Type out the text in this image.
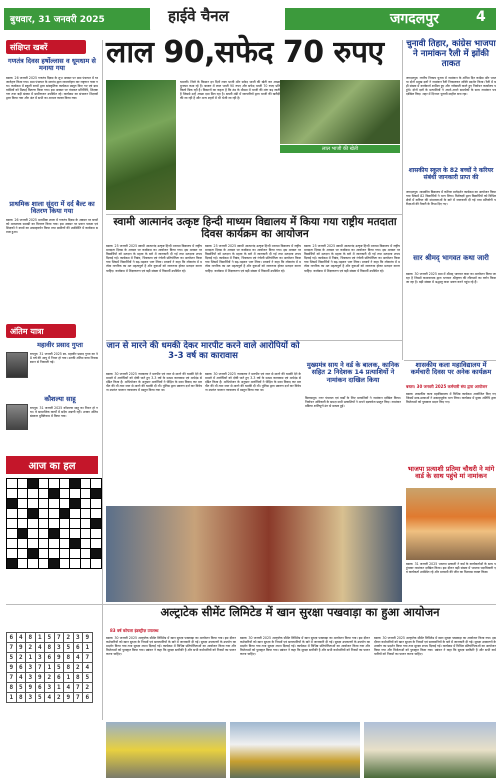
बुधवार, 31 जनवरी 2025	हाईवे चैनल	जगदलपुर	4
संक्षिप्त खबरें
गणतंत्र दिवस हर्षोल्लास व धूमधाम से मनाया गया
बस्तर। 26 जनवरी 2025 गणतंत्र दिवस के शुभ अवसर पर ग्राम पंचायत में ध्वजारोहण किया गया। ग्राम पंचायत के सरपंच द्वारा ध्वजारोहण कर राष्ट्रगान गाया गया। कार्यक्रम में स्कूली बच्चों द्वारा सांस्कृतिक कार्यक्रम प्रस्तुत किए गए एवं ग्रामवासियों को मिठाई वितरण किया गया। इस अवसर पर पंचायत प्रतिनिधि, शिक्षकगण तथा बड़ी संख्या में ग्रामीणजन उपस्थित रहे। कार्यक्रम का संचालन शिक्षकों द्वारा किया गया और अंत में सभी का आभार व्यक्त किया गया।
प्राथमिक शाला सुंदरा में दर्द बैल्ट का वितरण किया गया
बस्तर। 26 जनवरी 2025 प्राथमिक शाला में गणतंत्र दिवस के अवसर पर बच्चों को आवश्यक सामग्री का वितरण किया गया। इस अवसर पर प्रधान पाठक एवं शिक्षकों ने बच्चों का उत्साहवर्धन किया तथा ग्रामीणों की उपस्थिति में कार्यक्रम सम्पन्न हुआ।
अंतिम यात्रा
महावीर प्रसाद गुप्ता
रायपुर। 31 जनवरी 2025 स्व. महावीर प्रसाद गुप्ता का 98 वर्ष की आयु में निधन हो गया। उनकी अंतिम यात्रा निवास स्थान से निकाली गई।
कौशल्या साहू
रायपुर। 31 जनवरी 2025 कौशल्या साहू का निधन हो गया। वे सामाजिक कार्यों में सदैव अग्रणी रहीं। उनका अंतिम संस्कार मुक्तिधाम में किया गया।
आज का हल

6	4	8	1	5	7	2	3	9
7	9	2	4	8	3	5	6	1
5	2	1	3	6	9	8	4	7
9	6	3	7	1	5	8	2	4
7	4	3	9	2	6	1	8	5
8	5	9	6	3	1	4	7	2
1	8	3	5	4	2	9	7	6
लाल 90,सफेद 70 रुपए
धमतरी। जिले के किसान इन दिनों लाल भाजी और सफेद भाजी की खेती कर अच्छा मुनाफा कमा रहे हैं। बाजार में लाल भाजी 90 रुपए और सफेद भाजी 70 रुपए प्रति किलो बिक रही है। किसानों का कहना है कि ठंड के मौसम में भाजी की मांग बढ़ जाती है जिससे उन्हें अच्छा दाम मिल रहा है। सब्जी मंडी में व्यापारियों द्वारा भाजी की खरीदी की जा रही है और अन्य शहरों में भी भेजी जा रही है।
लाल भाजी की खेती
चुनावी तिहार, कांग्रेस भाजपा ने नामांकन रैली में झोंकी ताकत
जगदलपुर। नगरीय निकाय चुनाव में नामांकन के अंतिम दिन कांग्रेस और भाजपा दोनों प्रमुख दलों ने नामांकन रैली निकालकर शक्ति प्रदर्शन किया। रैली में बड़ी संख्या में कार्यकर्ता शामिल हुए और नारेबाजी करते हुए निर्वाचन कार्यालय पहुंचे। दोनों दलों के प्रत्याशियों ने अपने-अपने समर्थकों के साथ नामांकन पत्र दाखिल किए। शहर में दिनभर चुनावी माहौल बना रहा।
शासकीय स्कूल के 82 बच्चों ने करियर संबंधी जानकारी प्राप्त की
जगदलपुर। शासकीय विद्यालय में करियर मार्गदर्शन कार्यक्रम का आयोजन किया गया जिसमें 82 विद्यार्थियों ने भाग लिया। विशेषज्ञों द्वारा विद्यार्थियों को विभिन्न क्षेत्रों में करियर की संभावनाओं के बारे में जानकारी दी गई तथा प्रतियोगी परीक्षाओं की तैयारी के टिप्स दिए गए।
स्वामी आत्मानंद उत्कृष्ट हिन्दी माध्यम विद्यालय में किया गया राष्ट्रीय मतदाता दिवस कार्यक्रम का आयोजन
बस्तर। 25 जनवरी 2025 स्वामी आत्मानंद उत्कृष्ट हिन्दी माध्यम विद्यालय में राष्ट्रीय मतदाता दिवस के अवसर पर कार्यक्रम का आयोजन किया गया। इस अवसर पर विद्यार्थियों को मतदान के महत्व के बारे में जानकारी दी गई तथा मतदाता शपथ दिलाई गई। कार्यक्रम में निबंध, चित्रकला एवं रंगोली प्रतियोगिता का आयोजन किया गया जिसमें विद्यार्थियों ने बढ़-चढ़कर भाग लिया। प्राचार्य ने कहा कि लोकतंत्र में प्रत्येक नागरिक का मत महत्वपूर्ण है और युवाओं को जागरूक होकर मतदान करना चाहिए। कार्यक्रम में शिक्षकगण एवं बड़ी संख्या में विद्यार्थी उपस्थित रहे।
बस्तर। 25 जनवरी 2025 स्वामी आत्मानंद उत्कृष्ट हिन्दी माध्यम विद्यालय में राष्ट्रीय मतदाता दिवस के अवसर पर कार्यक्रम का आयोजन किया गया। इस अवसर पर विद्यार्थियों को मतदान के महत्व के बारे में जानकारी दी गई तथा मतदाता शपथ दिलाई गई। कार्यक्रम में निबंध, चित्रकला एवं रंगोली प्रतियोगिता का आयोजन किया गया जिसमें विद्यार्थियों ने बढ़-चढ़कर भाग लिया। प्राचार्य ने कहा कि लोकतंत्र में प्रत्येक नागरिक का मत महत्वपूर्ण है और युवाओं को जागरूक होकर मतदान करना चाहिए। कार्यक्रम में शिक्षकगण एवं बड़ी संख्या में विद्यार्थी उपस्थित रहे।
बस्तर। 25 जनवरी 2025 स्वामी आत्मानंद उत्कृष्ट हिन्दी माध्यम विद्यालय में राष्ट्रीय मतदाता दिवस के अवसर पर कार्यक्रम का आयोजन किया गया। इस अवसर पर विद्यार्थियों को मतदान के महत्व के बारे में जानकारी दी गई तथा मतदाता शपथ दिलाई गई। कार्यक्रम में निबंध, चित्रकला एवं रंगोली प्रतियोगिता का आयोजन किया गया जिसमें विद्यार्थियों ने बढ़-चढ़कर भाग लिया। प्राचार्य ने कहा कि लोकतंत्र में प्रत्येक नागरिक का मत महत्वपूर्ण है और युवाओं को जागरूक होकर मतदान करना चाहिए। कार्यक्रम में शिक्षकगण एवं बड़ी संख्या में विद्यार्थी उपस्थित रहे।
जान से मारने की धमकी देकर मारपीट करने वाले आरोपियों को 3-3 वर्ष का कारावास
बस्तर। 30 जनवरी 2025 न्यायालय ने मारपीट एवं जान से मारने की धमकी देने के मामले में आरोपियों को दोषी पाते हुए 3-3 वर्ष के सश्रम कारावास एवं अर्थदंड से दंडित किया है। अभियोजन के अनुसार आरोपियों ने पीड़ित के साथ विवाद कर मारपीट की थी तथा जान से मारने की धमकी दी थी। पुलिस द्वारा प्रकरण दर्ज कर विवेचना उपरांत चालान न्यायालय में प्रस्तुत किया गया था।
बस्तर। 30 जनवरी 2025 न्यायालय ने मारपीट एवं जान से मारने की धमकी देने के मामले में आरोपियों को दोषी पाते हुए 3-3 वर्ष के सश्रम कारावास एवं अर्थदंड से दंडित किया है। अभियोजन के अनुसार आरोपियों ने पीड़ित के साथ विवाद कर मारपीट की थी तथा जान से मारने की धमकी दी थी। पुलिस द्वारा प्रकरण दर्ज कर विवेचना उपरांत चालान न्यायालय में प्रस्तुत किया गया था।
मुख्यमंत्र साय ने वर्ड के बालक, कानिक सहित 2 निदेशक 14 प्रत्याशियों ने नामांकन दाखिल किया
बिलासपुर। नगर पंचायत एवं वार्डों के लिए प्रत्याशियों ने नामांकन दाखिल किया। निर्वाचन अधिकारी के समक्ष सभी प्रत्याशियों ने अपने दस्तावेज प्रस्तुत किए। नामांकन प्रक्रिया शांतिपूर्ण ढंग से सम्पन्न हुई।
सार श्रीमद् भागवत कथा जारी
बस्तर। 30 जनवरी 2025 ग्राम में श्रीमद् भागवत कथा का आयोजन किया जा रहा है जिसमें कथावाचक द्वारा भगवान श्रीकृष्ण की लीलाओं का वर्णन किया जा रहा है। बड़ी संख्या में श्रद्धालु कथा श्रवण करने पहुंच रहे हैं।
शासकीय कला महाविद्यालय में कर्मचारी दिवस पर अनेक कार्यक्रम
बस्तर। 30 जनवरी 2025 कर्मचारी संघ द्वारा आयोजन
बस्तर। शासकीय कला महाविद्यालय में विभिन्न कार्यक्रम आयोजित किए गए जिसमें छात्र-छात्राओं ने उत्साहपूर्वक भाग लिया। कार्यक्रम में मुख्य अतिथि द्वारा विजेताओं को पुरस्कार प्रदान किए गए।
भाजपा प्रत्याशी प्रतिमा चौधरी ने मांगे वार्ड के साथ पहुंचे मां नामांकन
बस्तर। 31 जनवरी 2025 भाजपा प्रत्याशी ने वार्ड के कार्यकर्ताओं के साथ पहुंचकर नामांकन दाखिल किया। इस दौरान बड़ी संख्या में भाजपा पदाधिकारी एवं कार्यकर्ता उपस्थित रहे और प्रत्याशी की जीत का विश्वास व्यक्त किया।
अल्ट्राटेक सीमेंट लिमिटेड में खान सुरक्षा पखवाड़ा का हुआ आयोजन
83 वर्ष कोयला इंडस्ट्रीज़ उपलब्ध
बस्तर। 30 जनवरी 2025 अल्ट्राटेक सीमेंट लिमिटेड में खान सुरक्षा पखवाड़ा का आयोजन किया गया। इस दौरान कर्मचारियों को खान सुरक्षा के नियमों एवं सावधानियों के बारे में जानकारी दी गई। सुरक्षा उपकरणों के उपयोग का प्रदर्शन किया गया तथा सुरक्षा शपथ दिलाई गई। कार्यक्रम में विभिन्न प्रतियोगिताओं का आयोजन किया गया और विजेताओं को पुरस्कृत किया गया। प्रबंधन ने कहा कि सुरक्षा सर्वोपरि है और सभी कर्मचारियों को नियमों का पालन करना चाहिए।
बस्तर। 30 जनवरी 2025 अल्ट्राटेक सीमेंट लिमिटेड में खान सुरक्षा पखवाड़ा का आयोजन किया गया। इस दौरान कर्मचारियों को खान सुरक्षा के नियमों एवं सावधानियों के बारे में जानकारी दी गई। सुरक्षा उपकरणों के उपयोग का प्रदर्शन किया गया तथा सुरक्षा शपथ दिलाई गई। कार्यक्रम में विभिन्न प्रतियोगिताओं का आयोजन किया गया और विजेताओं को पुरस्कृत किया गया। प्रबंधन ने कहा कि सुरक्षा सर्वोपरि है और सभी कर्मचारियों को नियमों का पालन करना चाहिए।
बस्तर। 30 जनवरी 2025 अल्ट्राटेक सीमेंट लिमिटेड में खान सुरक्षा पखवाड़ा का आयोजन किया गया। इस दौरान कर्मचारियों को खान सुरक्षा के नियमों एवं सावधानियों के बारे में जानकारी दी गई। सुरक्षा उपकरणों के उपयोग का प्रदर्शन किया गया तथा सुरक्षा शपथ दिलाई गई। कार्यक्रम में विभिन्न प्रतियोगिताओं का आयोजन किया गया और विजेताओं को पुरस्कृत किया गया। प्रबंधन ने कहा कि सुरक्षा सर्वोपरि है और सभी कर्मचारियों को नियमों का पालन करना चाहिए।
